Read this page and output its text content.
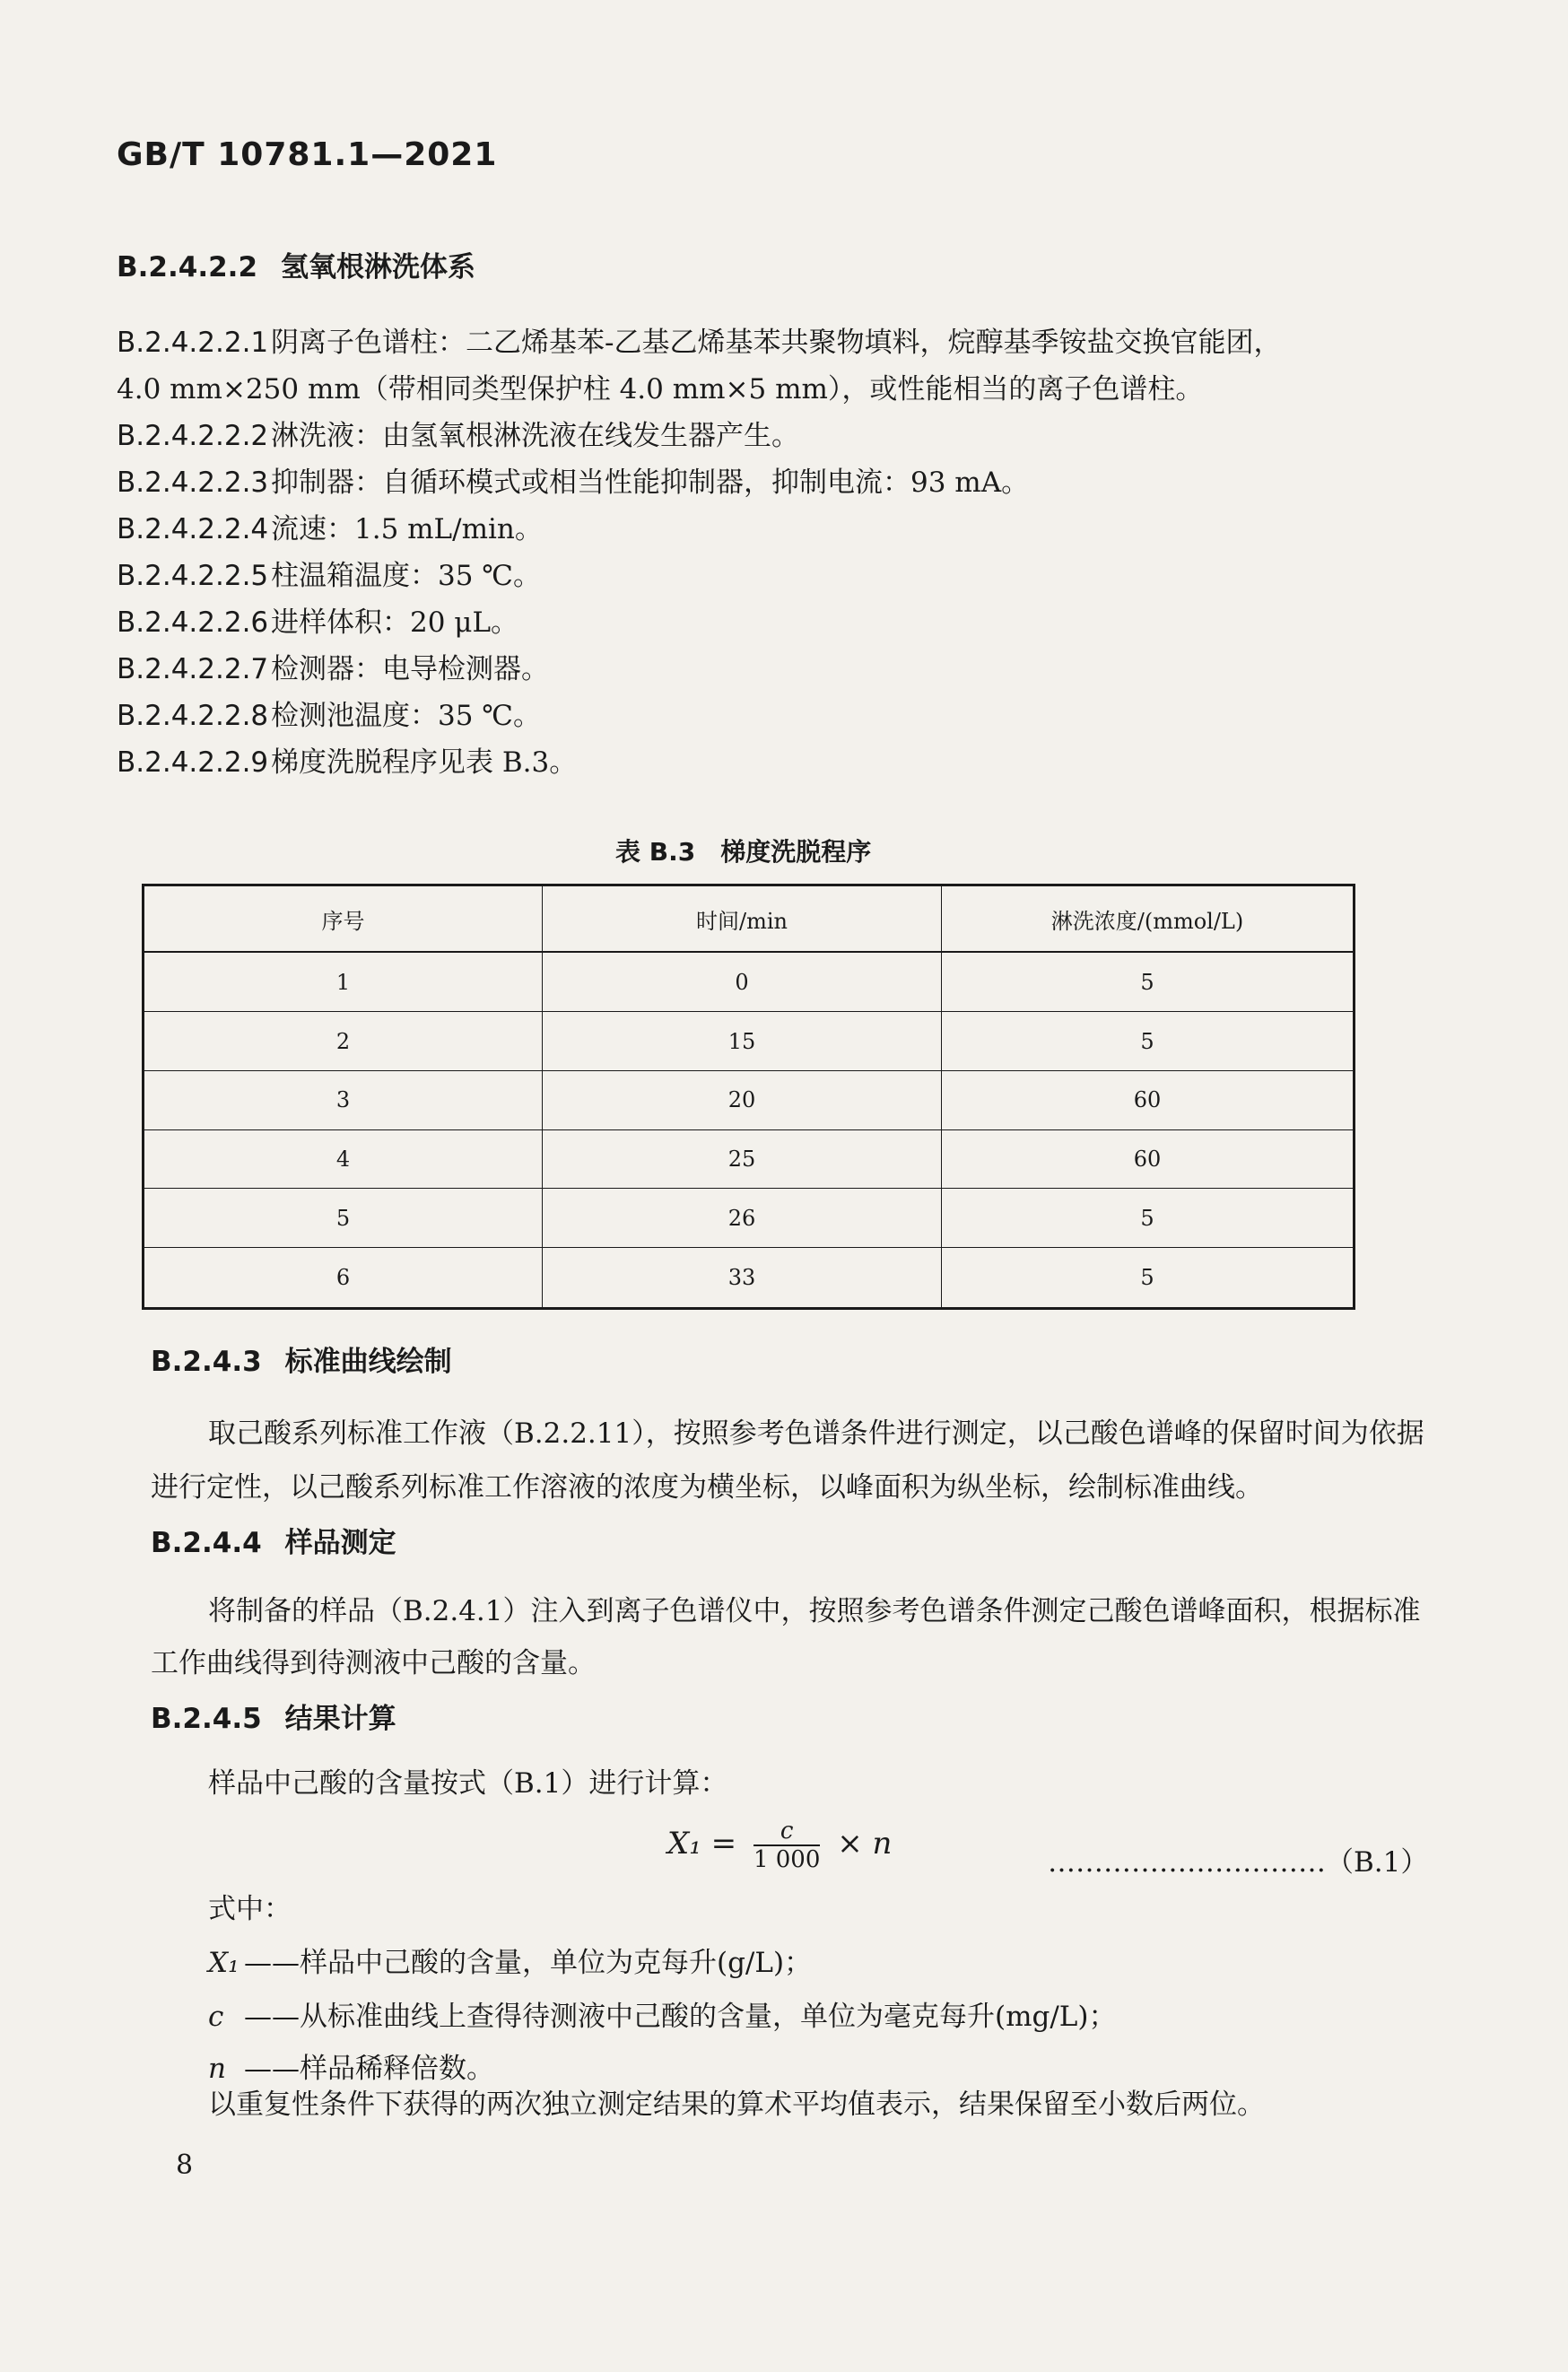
GB/T 10781.1—2021
B.2.4.2.2 氢氧根淋洗体系
B.2.4.2.2.1阴离子色谱柱：二乙烯基苯-乙基乙烯基苯共聚物填料，烷醇基季铵盐交换官能团，
4.0 mm×250 mm（带相同类型保护柱 4.0 mm×5 mm），或性能相当的离子色谱柱。
B.2.4.2.2.2淋洗液：由氢氧根淋洗液在线发生器产生。
B.2.4.2.2.3抑制器：自循环模式或相当性能抑制器，抑制电流：93 mA。
B.2.4.2.2.4流速：1.5 mL/min。
B.2.4.2.2.5柱温箱温度：35 ℃。
B.2.4.2.2.6进样体积：20 μL。
B.2.4.2.2.7检测器：电导检测器。
B.2.4.2.2.8检测池温度：35 ℃。
B.2.4.2.2.9梯度洗脱程序见表 B.3。
表 B.3　梯度洗脱程序
序号	时间/min	淋洗浓度/(mmol/L)
1	0	5
2	15	5
3	20	60
4	25	60
5	26	5
6	33	5
B.2.4.3 标准曲线绘制
取己酸系列标准工作液（B.2.2.11），按照参考色谱条件进行测定，以己酸色谱峰的保留时间为依据
进行定性，以己酸系列标准工作溶液的浓度为横坐标，以峰面积为纵坐标，绘制标准曲线。
B.2.4.4 样品测定
将制备的样品（B.2.4.1）注入到离子色谱仪中，按照参考色谱条件测定己酸色谱峰面积，根据标准
工作曲线得到待测液中己酸的含量。
B.2.4.5 结果计算
样品中己酸的含量按式（B.1）进行计算：
$X_1 = \frac{c}{1 000} \times n$
…………………………（B.1）
式中：
X₁ ——样品中己酸的含量，单位为克每升(g/L)；
c ——从标准曲线上查得待测液中己酸的含量，单位为毫克每升(mg/L)；
n ——样品稀释倍数。
以重复性条件下获得的两次独立测定结果的算术平均值表示，结果保留至小数后两位。
8
